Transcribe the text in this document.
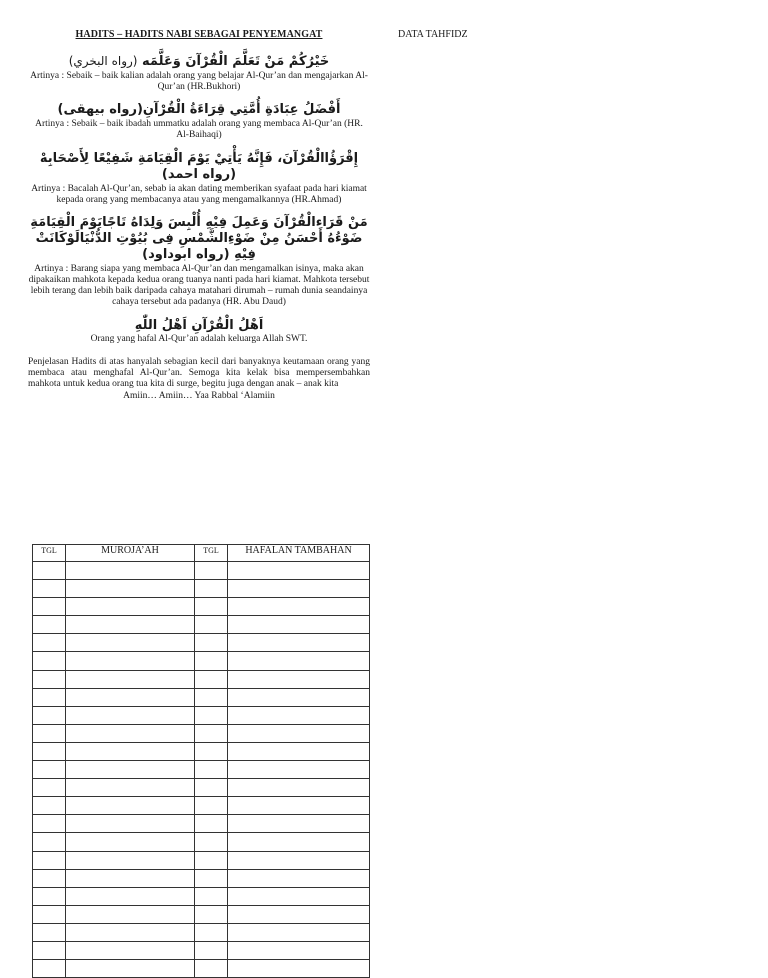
HADITS – HADITS NABI SEBAGAI PENYEMANGAT	DATA TAHFIDZ
خَيْرُكُمْ مَنْ تَعَلَّمَ الْقُرْآنَ وَعَلَّمَه (رواه البخري)
Artinya : Sebaik – baik kalian adalah orang yang belajar Al-Qur’an dan mengajarkan Al-Qur’an (HR.Bukhori)
أَفْضَلُ عِبَادَةِ أُمَّتِي قِرَاءَةُ الْقُرْآنِ(رواه بيهقى)
Artinya : Sebaik – baik ibadah ummatku adalah orang yang membaca Al-Qur’an (HR. Al-Baihaqi)
إِقْرَؤُاالْقُرْآنَ، فَإِنَّهُ يَأْتِيْ يَوْمَ الْقِيَامَةِ شَفِيْعًا لِأَصْحَابِهْ (رواه احمد)
Artinya : Bacalah Al-Qur’an, sebab ia akan dating memberikan syafaat pada hari kiamat kepada orang yang membacanya atau yang mengamalkannya (HR.Ahmad)
مَنْ قَرَاءالْقُرْآنَ وَعَمِلَ فِيْهِ أُلْبِسَ وَلِدَاهُ تَاجًايَوْمَ الْقِيَامَةِ ضَوْءُهُ أَحْسَنُ مِنْ ضَوْءِالشَّمْسِ فِى بُيُوْتِ الدُّنْيَالَوْكَانَتْ فِيْهِ (رواه ابوداود)
Artinya : Barang siapa yang membaca Al-Qur’an dan mengamalkan isinya, maka akan dipakaikan mahkota kepada kedua orang tuanya nanti pada hari kiamat. Mahkota tersebut lebih terang dan lebih baik daripada cahaya matahari dirumah – rumah dunia seandainya cahaya tersebut ada padanya (HR. Abu Daud)
اَهْلُ الْقُرْآنِ اَهْلُ اللّٰهِ
Orang yang hafal Al-Qur’an adalah keluarga Allah SWT.
Penjelasan Hadits di atas hanyalah sebagian kecil dari banyaknya keutamaan orang yang membaca atau menghafal Al-Qur’an. Semoga kita kelak bisa mempersembahkan mahkota untuk kedua orang tua kita di surge, begitu juga dengan anak – anak kita
Amiin… Amiin… Yaa Rabbal ‘Alamiin
TGL	MUROJA’AH	TGL	HAFALAN TAMBAHAN
